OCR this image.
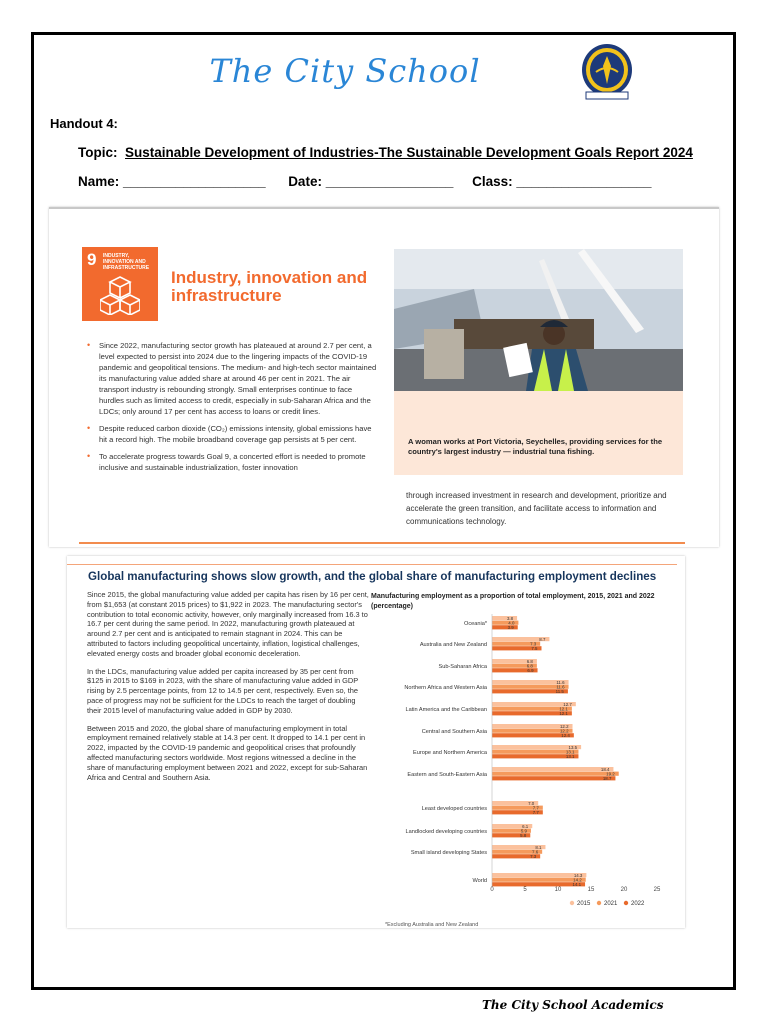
The City School
Handout 4:
Topic: Sustainable Development of Industries-The Sustainable Development Goals Report 2024
Name: ___________________ Date: _________________ Class: __________________
9 INDUSTRY, INNOVATION AND INFRASTRUCTURE	Industry, innovation and
infrastructure
• Since 2022, manufacturing sector growth has plateaued at around 2.7 per cent, a level expected to persist into 2024 due to the lingering impacts of the COVID-19 pandemic and geopolitical tensions. The medium- and high-tech sector maintained its manufacturing value added share at around 46 per cent in 2021. The air transport industry is rebounding strongly. Small enterprises continue to face hurdles such as limited access to credit, especially in sub-Saharan Africa and the LDCs; only around 17 per cent has access to loans or credit lines.
• Despite reduced carbon dioxide (CO₂) emissions intensity, global emissions have hit a record high. The mobile broadband coverage gap persists at 5 per cent.
• To accelerate progress towards Goal 9, a concerted effort is needed to promote inclusive and sustainable industrialization, foster innovation
A woman works at Port Victoria, Seychelles, providing services for the country's largest industry — industrial tuna fishing.
through increased investment in research and development, prioritize and accelerate the green transition, and facilitate access to information and communications technology.
Global manufacturing shows slow growth, and the global share of manufacturing employment declines

Since 2015, the global manufacturing value added per capita has risen by 16 per cent, from $1,653 (at constant 2015 prices) to $1,922 in 2023. The manufacturing sector's contribution to total economic activity, however, only marginally increased from 16.3 to 16.7 per cent during the same period. In 2022, manufacturing growth plateaued at around 2.7 per cent and is anticipated to remain stagnant in 2024. This can be attributed to factors including geopolitical uncertainty, inflation, logistical challenges, elevated energy costs and broader global economic deceleration.

In the LDCs, manufacturing value added per capita increased by 35 per cent from $125 in 2015 to $169 in 2023, with the share of manufacturing value added in GDP rising by 2.5 percentage points, from 12 to 14.5 per cent, respectively. Even so, the pace of progress may not be sufficient for the LDCs to reach the target of doubling their 2015 level of manufacturing value added in GDP by 2030.

Between 2015 and 2020, the global share of manufacturing employment in total employment remained relatively stable at 14.3 per cent. It dropped to 14.1 per cent in 2022, impacted by the COVID-19 pandemic and geopolitical crises that profoundly affected manufacturing sectors worldwide. Most regions witnessed a decline in the share of manufacturing employment between 2021 and 2022, except for sub-Saharan Africa and Central and Southern Asia.

Manufacturing employment as a proportion of total employment, 2015, 2021 and 2022 (percentage)
Oceania*
3.8
4.0
3.9
Australia and New Zealand
8.7
7.3
7.5
Sub-Saharan Africa
6.8
6.8
6.9
Northern Africa and Western Asia
11.6
11.6
11.5
Latin America and the Caribbean
12.7
12.1
12.1
Central and Southern Asia
12.2
12.2
12.4
Europe and Northern America
13.5
13.1
13.1
Eastern and South-Eastern Asia
18.4
19.2
18.7
Least developed countries
7.0
7.7
7.7
Landlocked developing countries
6.1
5.9
5.8
Small island developing States
8.1
7.6
7.3
World
14.3
14.2
14.1
0	5	10	15	20	25
2015 2021 2022
*Excluding Australia and New Zealand
The City School Academics
